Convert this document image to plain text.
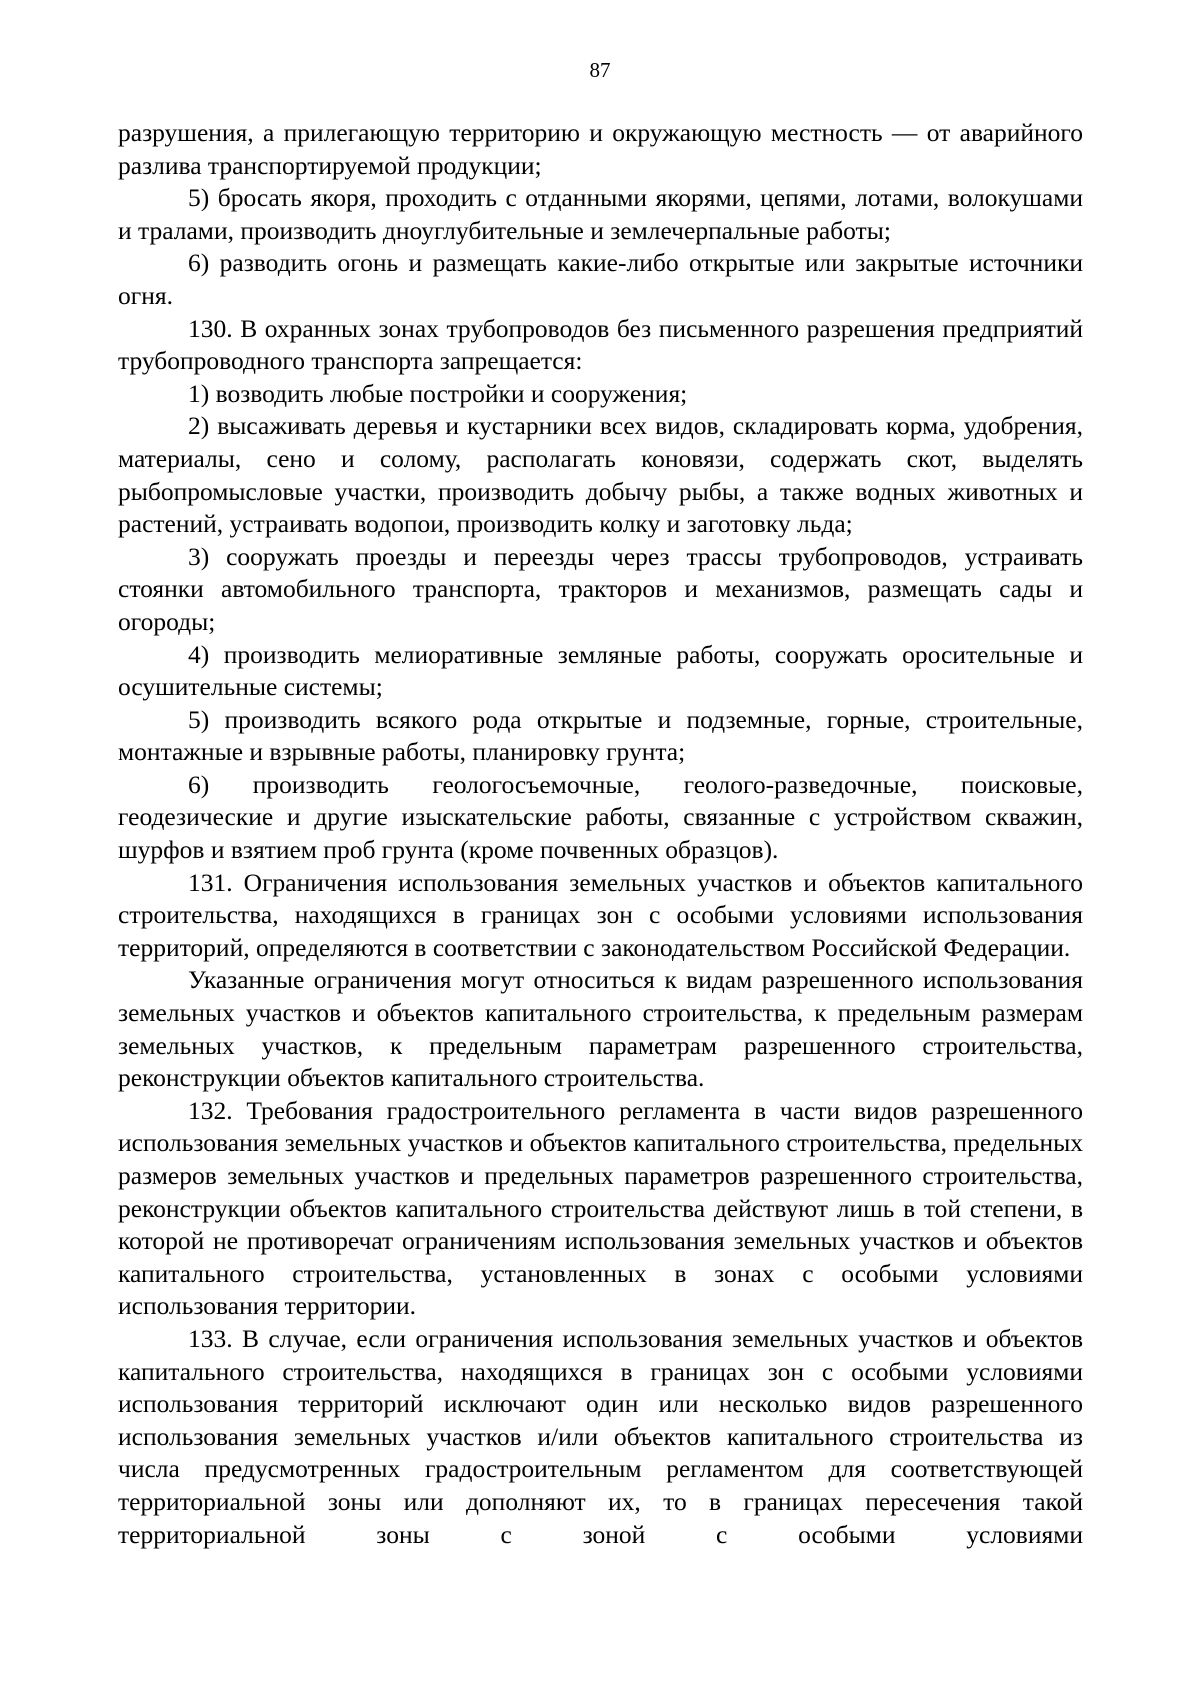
87

разрушения, а прилегающую территорию и окружающую местность — от аварийного разлива транспортируемой продукции;

5) бросать якоря, проходить с отданными якорями, цепями, лотами, волокушами и тралами, производить дноуглубительные и землечерпальные работы;

6) разводить огонь и размещать какие-либо открытые или закрытые источники огня.

130. В охранных зонах трубопроводов без письменного разрешения предприятий трубопроводного транспорта запрещается:

1) возводить любые постройки и сооружения;

2) высаживать деревья и кустарники всех видов, складировать корма, удобрения, материалы, сено и солому, располагать коновязи, содержать скот, выделять рыбопромысловые участки, производить добычу рыбы, а также водных животных и растений, устраивать водопои, производить колку и заготовку льда;

3) сооружать проезды и переезды через трассы трубопроводов, устраивать стоянки автомобильного транспорта, тракторов и механизмов, размещать сады и огороды;

4) производить мелиоративные земляные работы, сооружать оросительные и осушительные системы;

5) производить всякого рода открытые и подземные, горные, строительные, монтажные и взрывные работы, планировку грунта;

6) производить геологосъемочные, геолого-разведочные, поисковые, геодезические и другие изыскательские работы, связанные с устройством скважин, шурфов и взятием проб грунта (кроме почвенных образцов).

131. Ограничения использования земельных участков и объектов капитального строительства, находящихся в границах зон с особыми условиями использования территорий, определяются в соответствии с законодательством Российской Федерации.

Указанные ограничения могут относиться к видам разрешенного использования земельных участков и объектов капитального строительства, к предельным размерам земельных участков, к предельным параметрам разрешенного строительства, реконструкции объектов капитального строительства.

132. Требования градостроительного регламента в части видов разрешенного использования земельных участков и объектов капитального строительства, предельных размеров земельных участков и предельных параметров разрешенного строительства, реконструкции объектов капитального строительства действуют лишь в той степени, в которой не противоречат ограничениям использования земельных участков и объектов капитального строительства, установленных в зонах с особыми условиями использования территории.

133. В случае, если ограничения использования земельных участков и объектов капитального строительства, находящихся в границах зон с особыми условиями использования территорий исключают один или несколько видов разрешенного использования земельных участков и/или объектов капитального строительства из числа предусмотренных градостроительным регламентом для соответствующей территориальной зоны или дополняют их, то в границах пересечения такой территориальной зоны с зоной с особыми условиями
